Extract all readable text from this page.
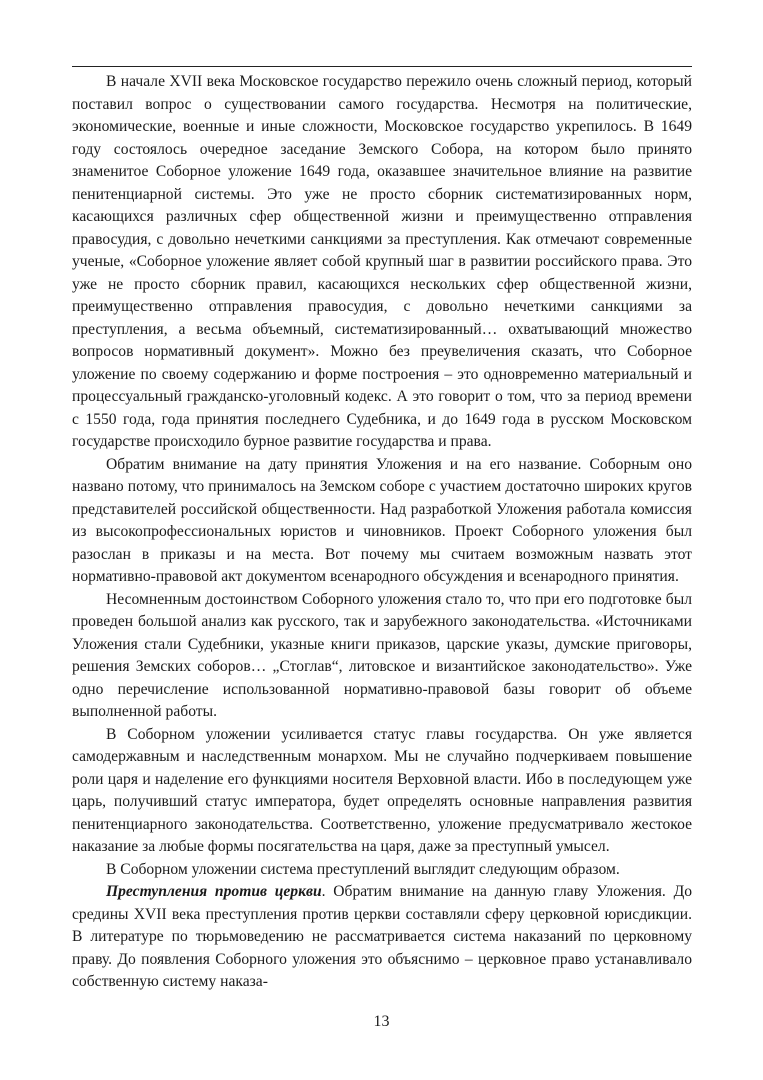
В начале XVII века Московское государство пережило очень сложный период, который поставил вопрос о существовании самого государства. Несмотря на политические, экономические, военные и иные сложности, Московское государство укрепилось. В 1649 году состоялось очередное заседание Земского Собора, на котором было принято знаменитое Соборное уложение 1649 года, оказавшее значительное влияние на развитие пенитенциарной системы. Это уже не просто сборник систематизированных норм, касающихся различных сфер общественной жизни и преимущественно отправления правосудия, с довольно нечеткими санкциями за преступления. Как отмечают современные ученые, «Соборное уложение являет собой крупный шаг в развитии российского права. Это уже не просто сборник правил, касающихся нескольких сфер общественной жизни, преимущественно отправления правосудия, с довольно нечеткими санкциями за преступления, а весьма объемный, систематизированный… охватывающий множество вопросов нормативный документ». Можно без преувеличения сказать, что Соборное уложение по своему содержанию и форме построения – это одновременно материальный и процессуальный гражданско-уголовный кодекс. А это говорит о том, что за период времени с 1550 года, года принятия последнего Судебника, и до 1649 года в русском Московском государстве происходило бурное развитие государства и права.

Обратим внимание на дату принятия Уложения и на его название. Соборным оно названо потому, что принималось на Земском соборе с участием достаточно широких кругов представителей российской общественности. Над разработкой Уложения работала комиссия из высокопрофессиональных юристов и чиновников. Проект Соборного уложения был разослан в приказы и на места. Вот почему мы считаем возможным назвать этот нормативно-правовой акт документом всенародного обсуждения и всенародного принятия.

Несомненным достоинством Соборного уложения стало то, что при его подготовке был проведен большой анализ как русского, так и зарубежного законодательства. «Источниками Уложения стали Судебники, указные книги приказов, царские указы, думские приговоры, решения Земских соборов… „Стоглав“, литовское и византийское законодательство». Уже одно перечисление использованной нормативно-правовой базы говорит об объеме выполненной работы.

В Соборном уложении усиливается статус главы государства. Он уже является самодержавным и наследственным монархом. Мы не случайно подчеркиваем повышение роли царя и наделение его функциями носителя Верховной власти. Ибо в последующем уже царь, получивший статус императора, будет определять основные направления развития пенитенциарного законодательства. Соответственно, уложение предусматривало жестокое наказание за любые формы посягательства на царя, даже за преступный умысел.

В Соборном уложении система преступлений выглядит следующим образом.

Преступления против церкви. Обратим внимание на данную главу Уложения. До средины XVII века преступления против церкви составляли сферу церковной юрисдикции. В литературе по тюрьмоведению не рассматривается система наказаний по церковному праву. До появления Соборного уложения это объяснимо – церковное право устанавливало собственную систему наказа-

13
